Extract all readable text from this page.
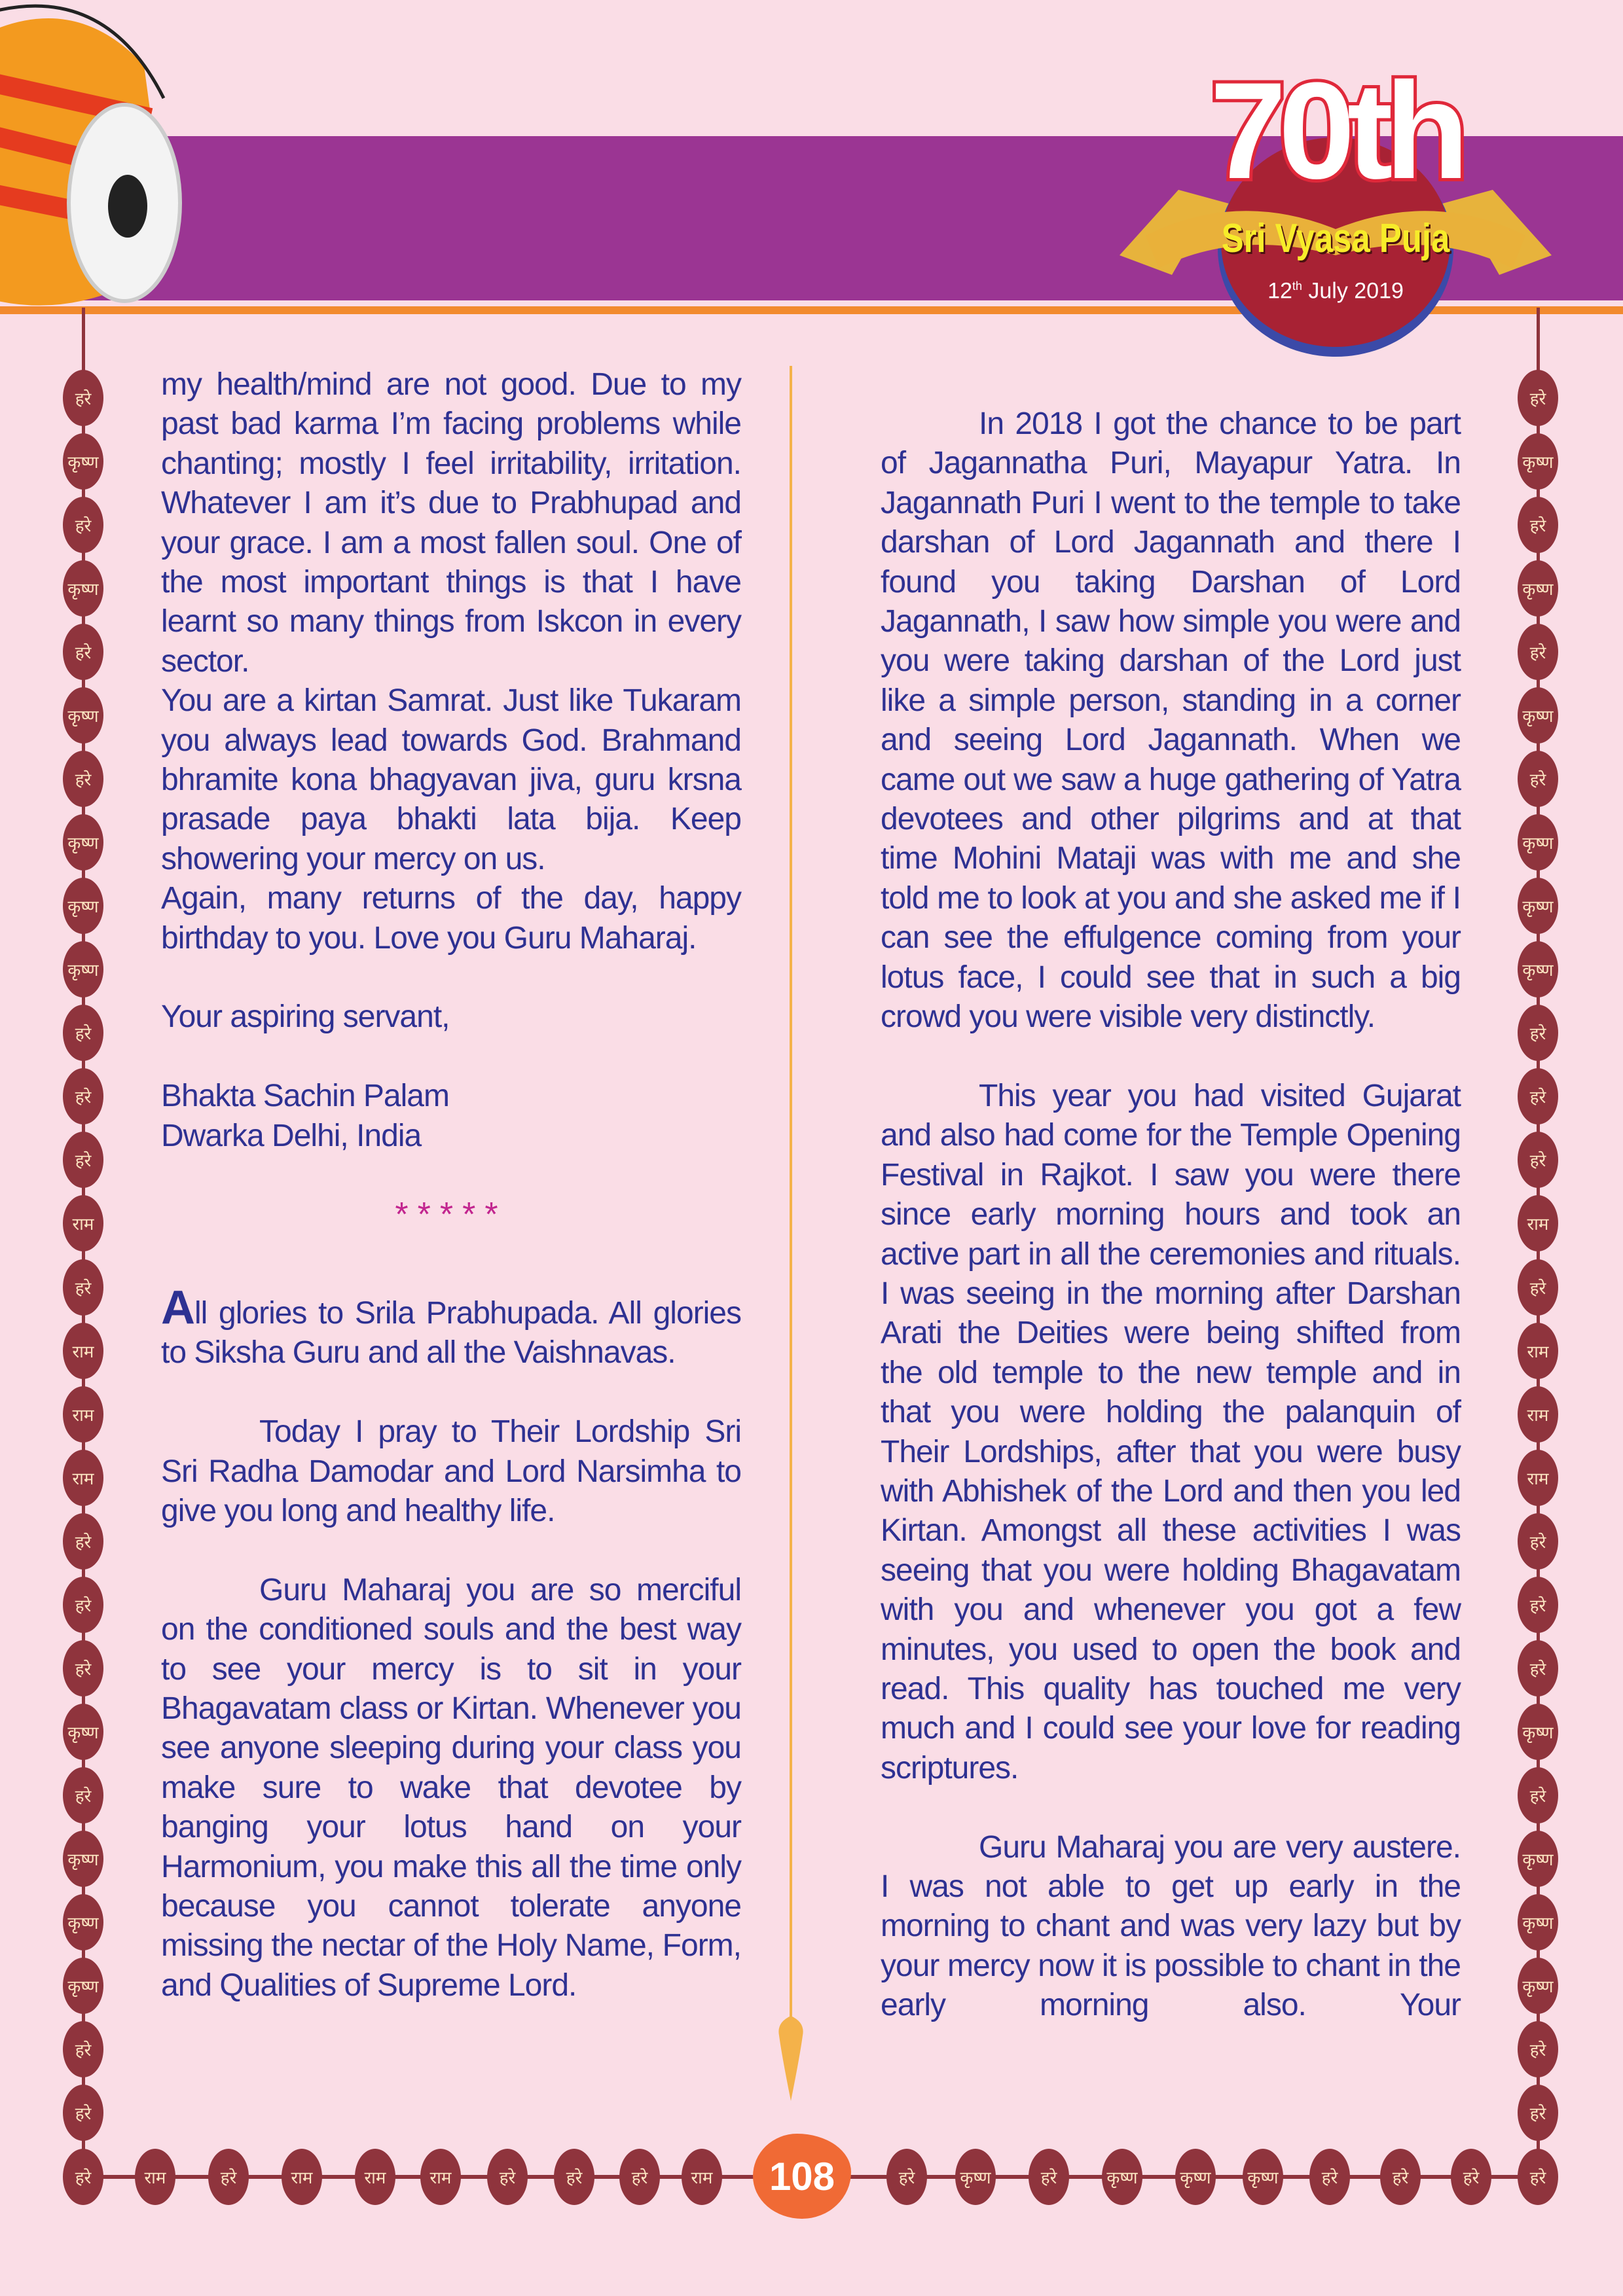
70th
Sri Vyasa Puja
12th July 2019

my health/mind are not good. Due to my past bad karma I’m facing problems while chanting; mostly I feel irritability, irritation. Whatever I am it’s due to Prabhupad and your grace. I am a most fallen soul. One of the most important things is that I have learnt so many things from Iskcon in every sector.

You are a kirtan Samrat. Just like Tukaram you always lead towards God. Brahmand bhramite kona bhagyavan jiva, guru krsna prasade paya bhakti lata bija. Keep showering your mercy on us.

Again, many returns of the day, happy birthday to you. Love you Guru Maharaj.

Your aspiring servant,

Bhakta Sachin Palam

Dwarka Delhi, India

*****

All glories to Srila Prabhupada. All glories to Siksha Guru and all the Vaishnavas.

Today I pray to Their Lordship Sri Sri Radha Damodar and Lord Narsimha to give you long and healthy life.

Guru Maharaj you are so merciful on the conditioned souls and the best way to see your mercy is to sit in your Bhagavatam class or Kirtan. Whenever you see anyone sleeping during your class you make sure to wake that devotee by banging your lotus hand on your Harmonium, you make this all the time only because you cannot tolerate anyone missing the nectar of the Holy Name, Form, and Qualities of Supreme Lord.

In 2018 I got the chance to be part of Jagannatha Puri, Mayapur Yatra. In Jagannath Puri I went to the temple to take darshan of Lord Jagannath and there I found you taking Darshan of Lord Jagannath, I saw how simple you were and you were taking darshan of the Lord just like a simple person, standing in a corner and seeing Lord Jagannath. When we came out we saw a huge gathering of Yatra devotees and other pilgrims and at that time Mohini Mataji was with me and she told me to look at you and she asked me if I can see the effulgence coming from your lotus face, I could see that in such a big crowd you were visible very distinctly.

This year you had visited Gujarat and also had come for the Temple Opening Festival in Rajkot. I saw you were there since early morning hours and took an active part in all the ceremonies and rituals. I was seeing in the morning after Darshan Arati the Deities were being shifted from the old temple to the new temple and in that you were holding the palanquin of Their Lordships, after that you were busy with Abhishek of the Lord and then you led Kirtan. Amongst all these activities I was seeing that you were holding Bhagavatam with you and whenever you got a few minutes, you used to open the book and read. This quality has touched me very much and I could see your love for reading scriptures.

Guru Maharaj you are very austere. I was not able to get up early in the morning to chant and was very lazy but by your mercy now it is possible to chant in the early morning also. Your

हरे
कृष्ण
हरे
कृष्ण
हरे
कृष्ण
हरे
कृष्ण
कृष्ण
कृष्ण
हरे
हरे
हरे
राम
हरे
राम
राम
राम
हरे
हरे
हरे
कृष्ण
हरे
कृष्ण
कृष्ण
कृष्ण
हरे
हरे
हरे
कृष्ण
हरे
कृष्ण
हरे
कृष्ण
हरे
कृष्ण
कृष्ण
कृष्ण
हरे
हरे
हरे
राम
हरे
राम
राम
राम
हरे
हरे
हरे
कृष्ण
हरे
कृष्ण
कृष्ण
कृष्ण
हरे
हरे
हरे	राम	हरे	राम	राम	राम	हरे	हरे	हरे	राम	हरे	कृष्ण	हरे	कृष्ण कृष्ण कृष्ण	हरे	हरे	हरे	हरे
108
